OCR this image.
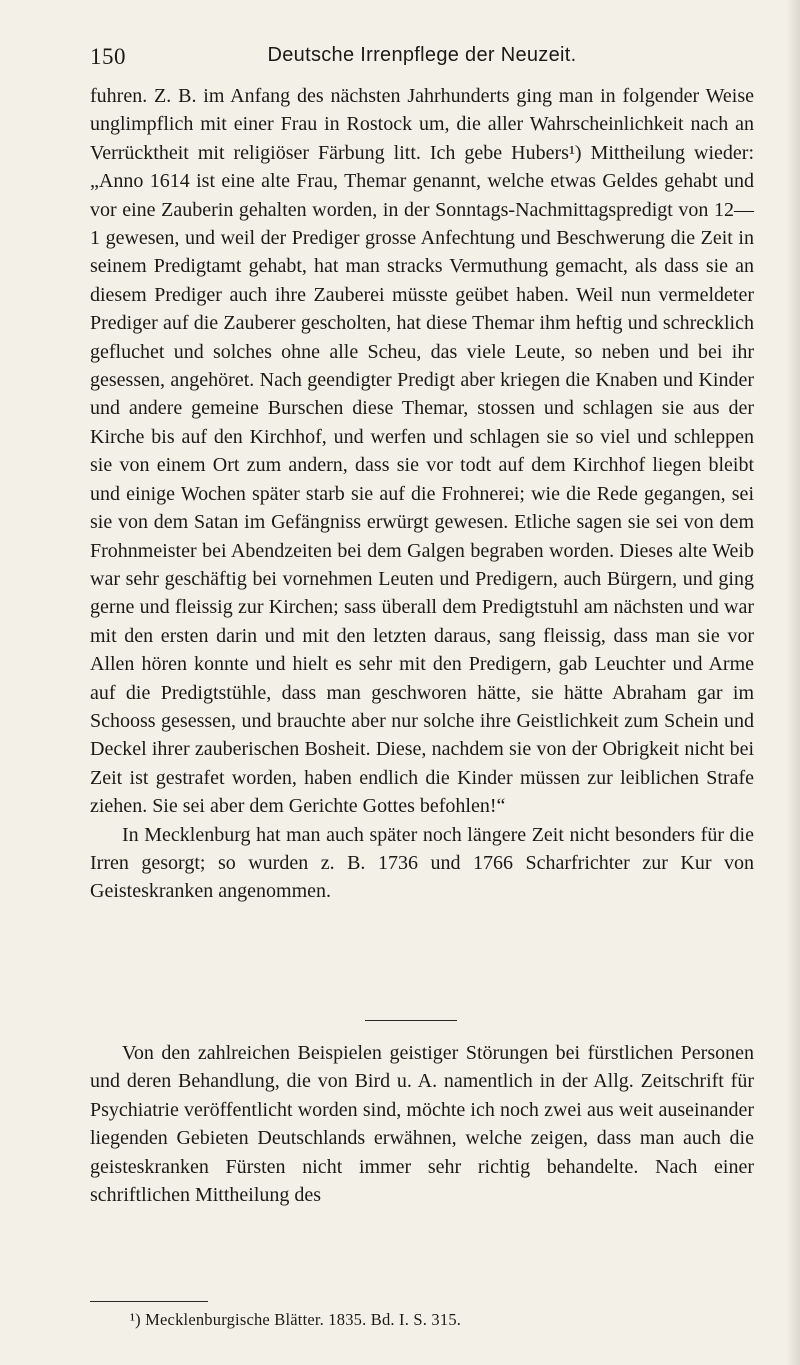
150	Deutsche Irrenpflege der Neuzeit.

fuhren. Z. B. im Anfang des nächsten Jahrhunderts ging man in folgender Weise unglimpflich mit einer Frau in Rostock um, die aller Wahrscheinlichkeit nach an Verrücktheit mit religiöser Färbung litt. Ich gebe Hubers¹) Mittheilung wieder: „Anno 1614 ist eine alte Frau, Themar genannt, welche etwas Geldes gehabt und vor eine Zauberin gehalten worden, in der Sonntags-Nachmittagspredigt von 12—1 gewesen, und weil der Prediger grosse Anfechtung und Beschwerung die Zeit in seinem Predigtamt gehabt, hat man stracks Vermuthung gemacht, als dass sie an diesem Prediger auch ihre Zauberei müsste geübet haben. Weil nun vermeldeter Prediger auf die Zauberer gescholten, hat diese Themar ihm heftig und schrecklich gefluchet und solches ohne alle Scheu, das viele Leute, so neben und bei ihr gesessen, angehöret. Nach geendigter Predigt aber kriegen die Knaben und Kinder und andere gemeine Burschen diese Themar, stossen und schlagen sie aus der Kirche bis auf den Kirchhof, und werfen und schlagen sie so viel und schleppen sie von einem Ort zum andern, dass sie vor todt auf dem Kirchhof liegen bleibt und einige Wochen später starb sie auf die Frohnerei; wie die Rede gegangen, sei sie von dem Satan im Gefängniss erwürgt gewesen. Etliche sagen sie sei von dem Frohnmeister bei Abendzeiten bei dem Galgen begraben worden. Dieses alte Weib war sehr geschäftig bei vornehmen Leuten und Predigern, auch Bürgern, und ging gerne und fleissig zur Kirchen; sass überall dem Predigtstuhl am nächsten und war mit den ersten darin und mit den letzten daraus, sang fleissig, dass man sie vor Allen hören konnte und hielt es sehr mit den Predigern, gab Leuchter und Arme auf die Predigtstühle, dass man geschworen hätte, sie hätte Abraham gar im Schooss gesessen, und brauchte aber nur solche ihre Geistlichkeit zum Schein und Deckel ihrer zauberischen Bosheit. Diese, nachdem sie von der Obrigkeit nicht bei Zeit ist gestrafet worden, haben endlich die Kinder müssen zur leiblichen Strafe ziehen. Sie sei aber dem Gerichte Gottes befohlen!“

In Mecklenburg hat man auch später noch längere Zeit nicht besonders für die Irren gesorgt; so wurden z. B. 1736 und 1766 Scharfrichter zur Kur von Geisteskranken angenommen.

Von den zahlreichen Beispielen geistiger Störungen bei fürstlichen Personen und deren Behandlung, die von Bird u. A. namentlich in der Allg. Zeitschrift für Psychiatrie veröffentlicht worden sind, möchte ich noch zwei aus weit auseinander liegenden Gebieten Deutschlands erwähnen, welche zeigen, dass man auch die geisteskranken Fürsten nicht immer sehr richtig behandelte. Nach einer schriftlichen Mittheilung des

¹) Mecklenburgische Blätter. 1835. Bd. I. S. 315.
